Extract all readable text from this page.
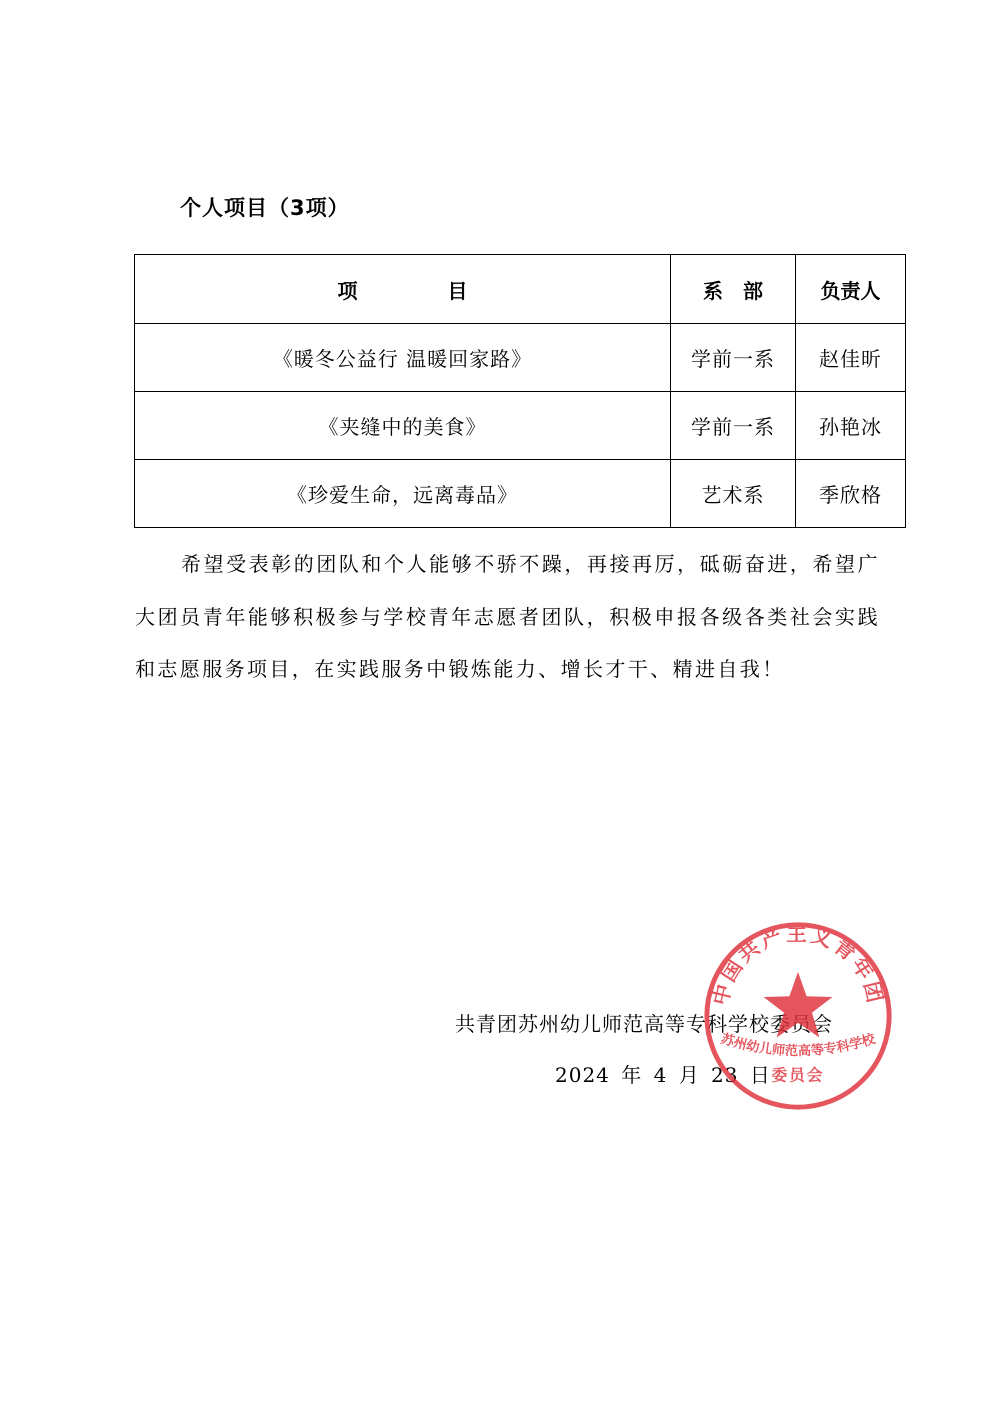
个人项目（3项）
项 目	系 部	负责人
《暖冬公益行 温暖回家路》	学前一系	赵佳昕
《夹缝中的美食》	学前一系	孙艳冰
《珍爱生命，远离毒品》	艺术系	季欣格
希望受表彰的团队和个人能够不骄不躁，再接再厉，砥砺奋进，希望广大团员青年能够积极参与学校青年志愿者团队，积极申报各级各类社会实践和志愿服务项目，在实践服务中锻炼能力、增长才干、精进自我！
共青团苏州幼儿师范高等专科学校委员会
2024 年 4 月 23 日
中国共产主义青年团
苏州幼儿师范高等专科学校
委员会
